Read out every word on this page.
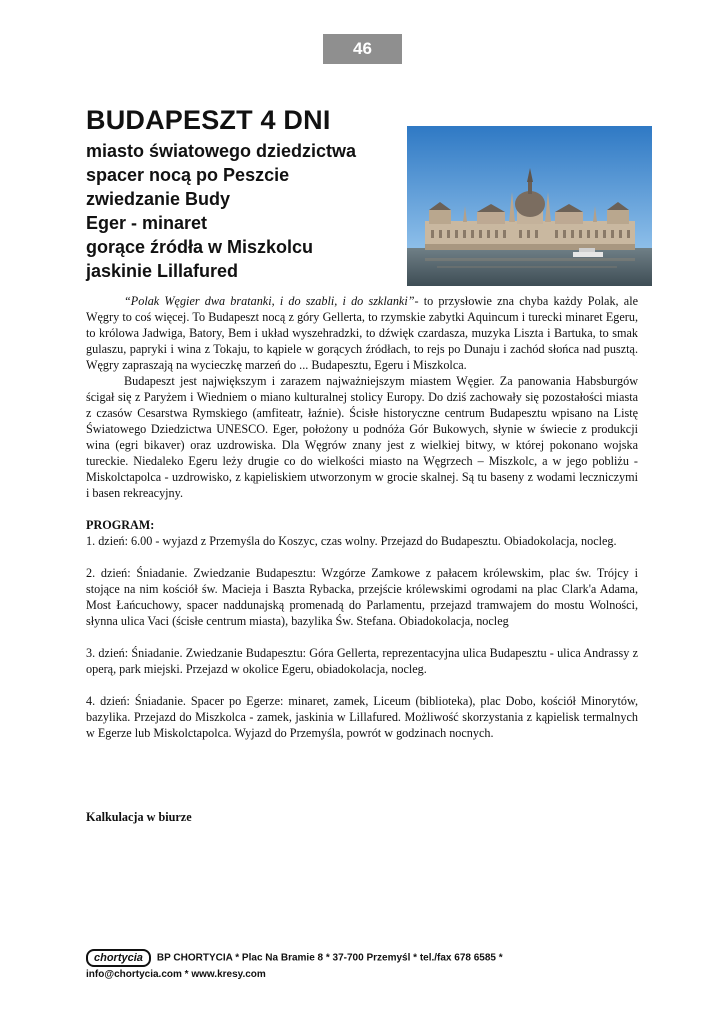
46
BUDAPESZT 4 DNI
miasto światowego dziedzictwa
spacer nocą po Peszcie
zwiedzanie Budy
Eger - minaret
gorące źródła w Miszkolcu
jaskinie Lillafured

“Polak Węgier dwa bratanki, i do szabli, i do szklanki”- to przysłowie zna chyba każdy Polak, ale Węgry to coś więcej. To Budapeszt nocą z góry Gellerta, to rzymskie zabytki Aquincum i turecki minaret Egeru, to królowa Jadwiga, Batory, Bem i układ wyszehradzki, to dźwięk czardasza, muzyka Liszta i Bartuka, to smak gulaszu, papryki i wina z Tokaju, to kąpiele w gorących źródłach, to rejs po Dunaju i zachód słońca nad pusztą. Węgry zapraszają na wycieczkę marzeń do ... Budapesztu, Egeru i Miszkolca.

Budapeszt jest największym i zarazem najważniejszym miastem Węgier. Za panowania Habsburgów ścigał się z Paryżem i Wiedniem o miano kulturalnej stolicy Europy. Do dziś zachowały się pozostałości miasta z czasów Cesarstwa Rymskiego (amfiteatr, łaźnie). Ścisłe historyczne centrum Budapesztu wpisano na Listę Światowego Dziedzictwa UNESCO. Eger, położony u podnóża Gór Bukowych, słynie w świecie z produkcji wina (egri bikaver) oraz uzdrowiska. Dla Węgrów znany jest z wielkiej bitwy, w której pokonano wojska tureckie. Niedaleko Egeru leży drugie co do wielkości miasto na Węgrzech – Miszkolc, a w jego pobliżu - Miskolctapolca - uzdrowisko, z kąpieliskiem utworzonym w grocie skalnej. Są tu baseny z wodami leczniczymi i basen rekreacyjny.

PROGRAM:

1. dzień: 6.00 - wyjazd z Przemyśla do Koszyc, czas wolny. Przejazd do Budapesztu. Obiadokolacja, nocleg.

2. dzień: Śniadanie. Zwiedzanie Budapesztu: Wzgórze Zamkowe z pałacem królewskim, plac św. Trójcy i stojące na nim kościół św. Macieja i Baszta Rybacka, przejście królewskimi ogrodami na plac Clark'a Adama, Most Łańcuchowy, spacer naddunajską promenadą do Parlamentu, przejazd tramwajem do mostu Wolności, słynna ulica Vaci (ścisłe centrum miasta), bazylika Św. Stefana. Obiadokolacja, nocleg

3. dzień: Śniadanie. Zwiedzanie Budapesztu: Góra Gellerta, reprezentacyjna ulica Budapesztu - ulica Andrassy z operą, park miejski. Przejazd w okolice Egeru, obiadokolacja, nocleg.

4. dzień: Śniadanie. Spacer po Egerze: minaret, zamek, Liceum (biblioteka), plac Dobo, kościół Minorytów, bazylika. Przejazd do Miszkolca - zamek, jaskinia w Lillafured. Możliwość skorzystania z kąpielisk termalnych w Egerze lub Miskolctapolca. Wyjazd do Przemyśla, powrót w godzinach nocnych.

Kalkulacja w biurze
chortycia BP CHORTYCIA * Plac Na Bramie 8 * 37-700 Przemyśl * tel./fax 678 6585 *
info@chortycia.com * www.kresy.com
